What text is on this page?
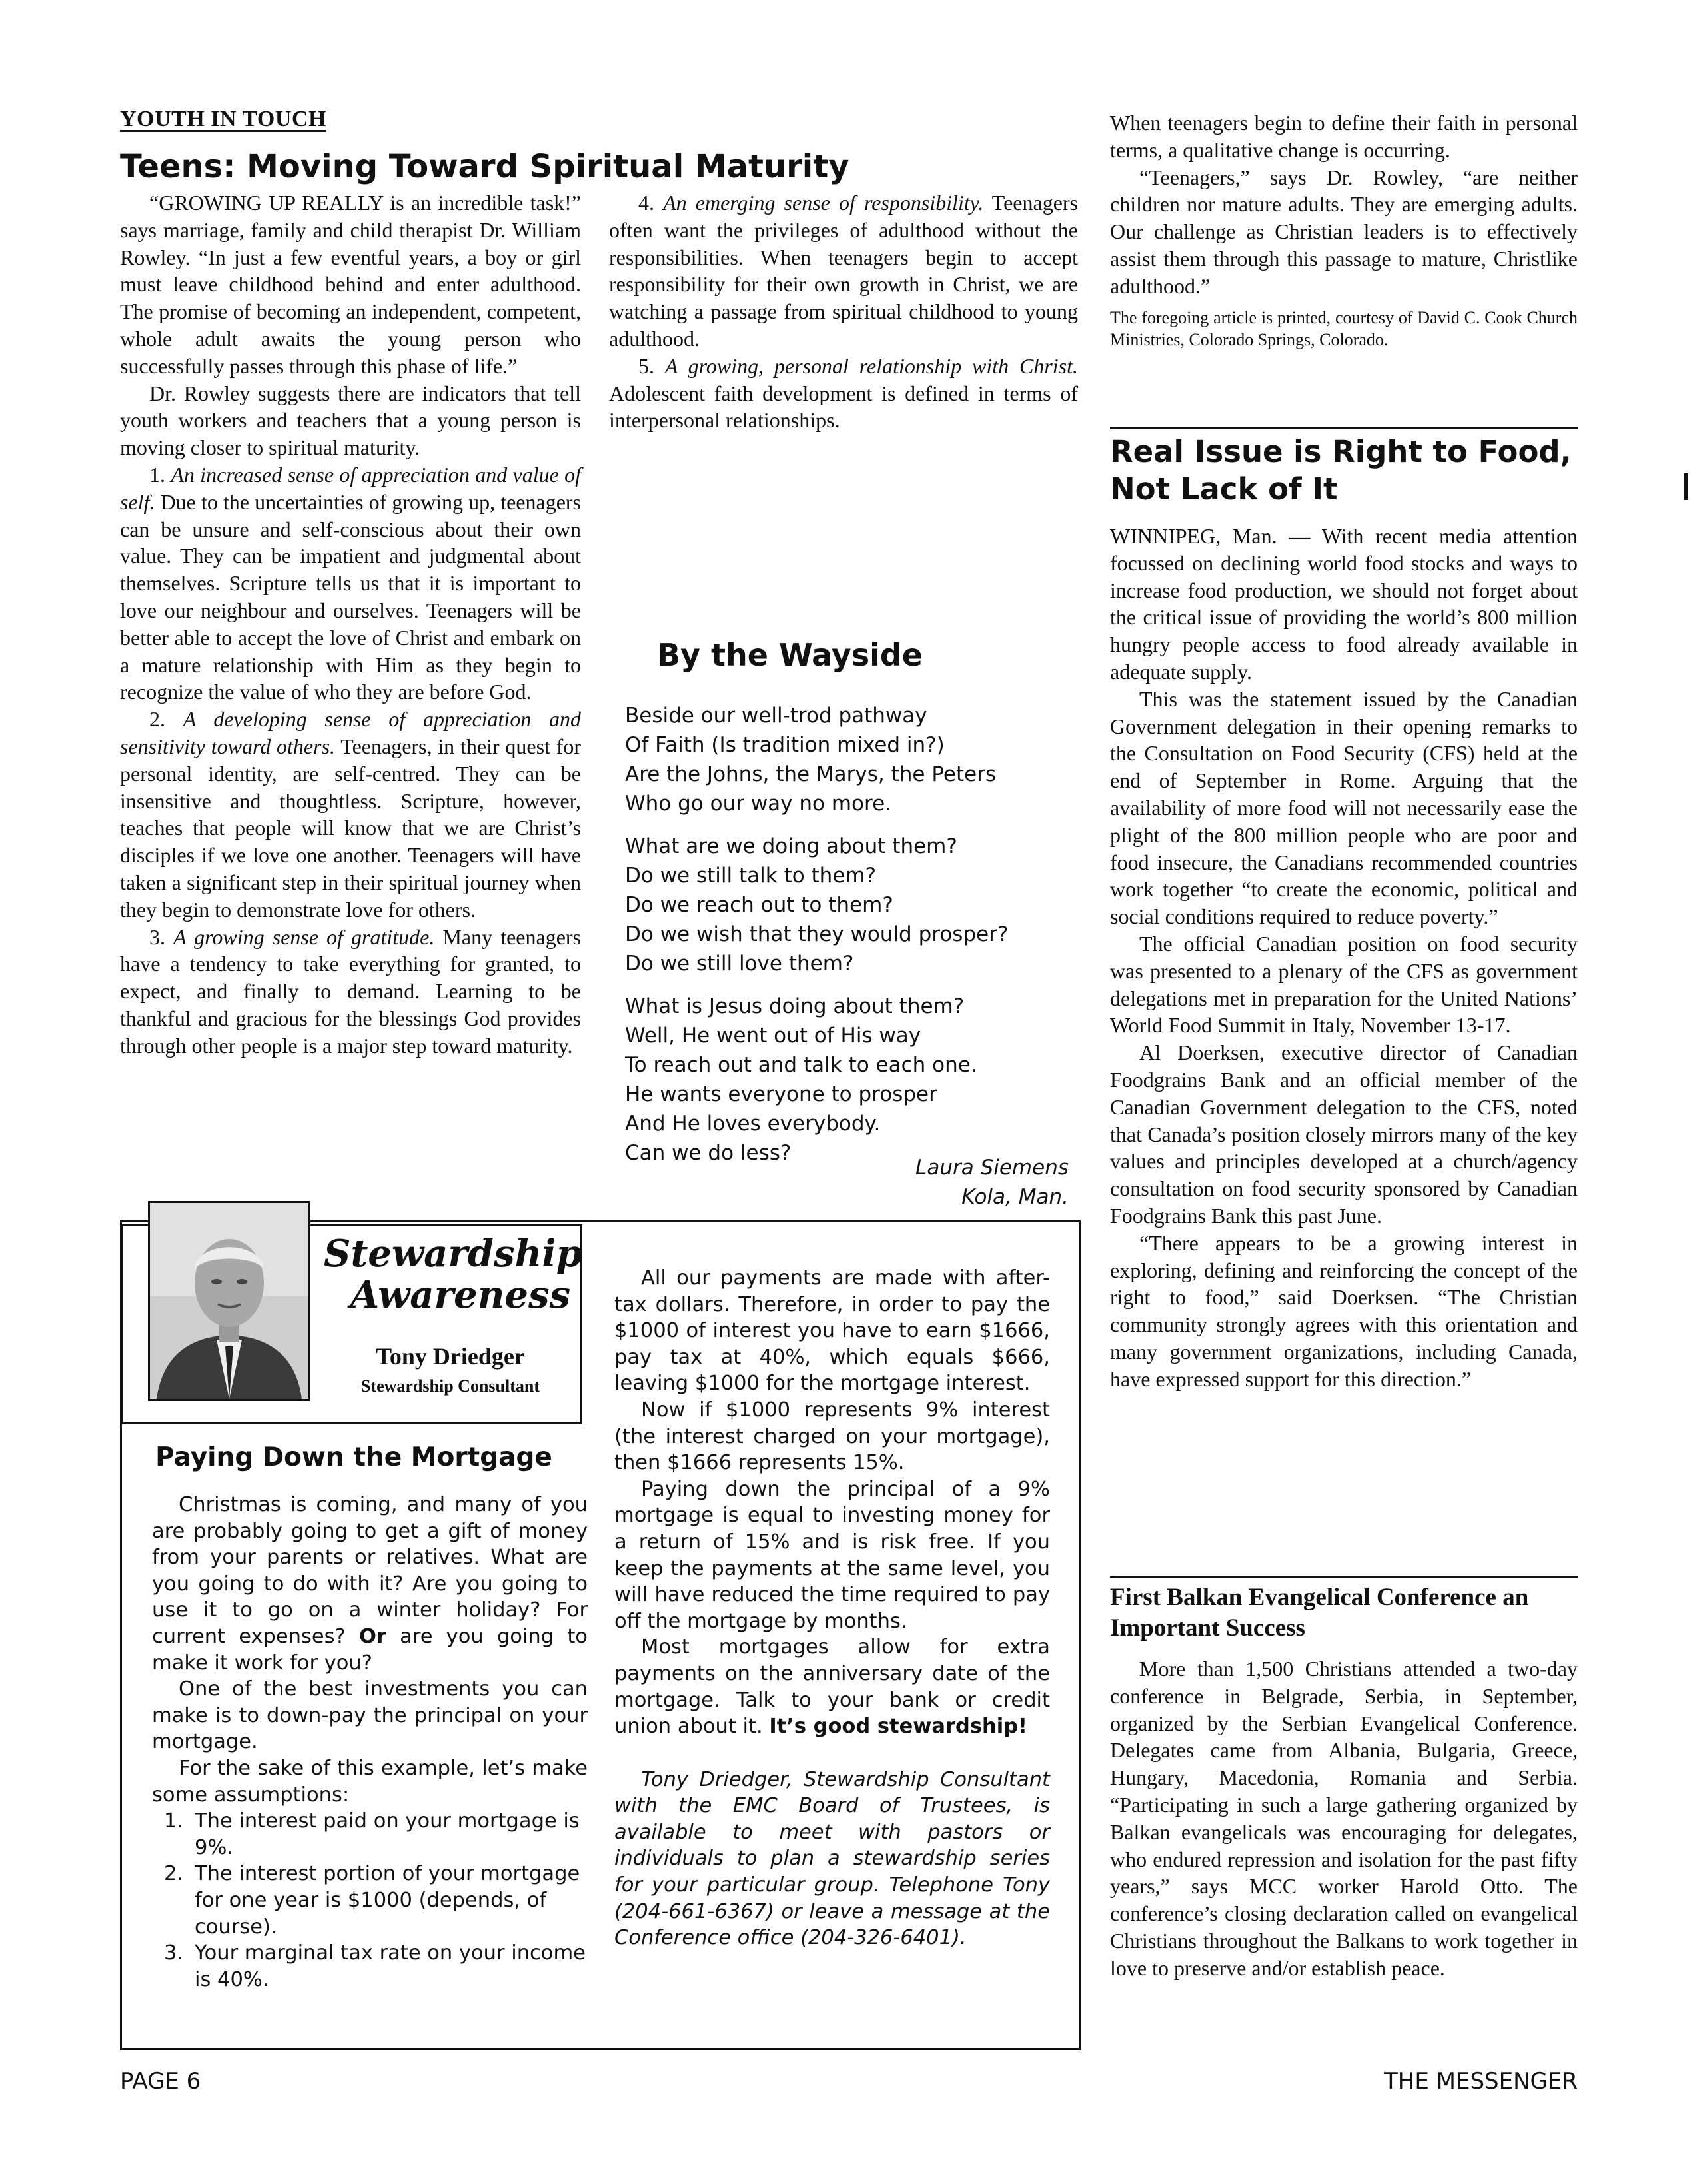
YOUTH IN TOUCH
Teens: Moving Toward Spiritual Maturity

“GROWING UP REALLY is an incredible task!” says marriage, family and child therapist Dr. William Rowley. “In just a few eventful years, a boy or girl must leave childhood behind and enter adulthood. The promise of becoming an independent, competent, whole adult awaits the young person who successfully passes through this phase of life.”

Dr. Rowley suggests there are indicators that tell youth workers and teachers that a young person is moving closer to spiritual maturity.

1. An increased sense of appreciation and value of self. Due to the uncertainties of growing up, teenagers can be unsure and self-conscious about their own value. They can be impatient and judgmental about themselves. Scripture tells us that it is important to love our neighbour and ourselves. Teenagers will be better able to accept the love of Christ and embark on a mature relationship with Him as they begin to recognize the value of who they are before God.

2. A developing sense of appreciation and sensitivity toward others. Teenagers, in their quest for personal identity, are self-centred. They can be insensitive and thoughtless. Scripture, however, teaches that people will know that we are Christ’s disciples if we love one another. Teenagers will have taken a significant step in their spiritual journey when they begin to demonstrate love for others.

3. A growing sense of gratitude. Many teenagers have a tendency to take everything for granted, to expect, and finally to demand. Learning to be thankful and gracious for the blessings God provides through other people is a major step toward maturity.

4. An emerging sense of responsibility. Teenagers often want the privileges of adulthood without the responsibilities. When teenagers begin to accept responsibility for their own growth in Christ, we are watching a passage from spiritual childhood to young adulthood.

5. A growing, personal relationship with Christ. Adolescent faith development is defined in terms of interpersonal relationships.

By the Wayside
Beside our well-trod pathway
Of Faith (Is tradition mixed in?)
Are the Johns, the Marys, the Peters
Who go our way no more.
What are we doing about them?
Do we still talk to them?
Do we reach out to them?
Do we wish that they would prosper?
Do we still love them?
What is Jesus doing about them?
Well, He went out of His way
To reach out and talk to each one.
He wants everyone to prosper
And He loves everybody.
Can we do less?
Laura Siemens
Kola, Man.

When teenagers begin to define their faith in personal terms, a qualitative change is occurring.

“Teenagers,” says Dr. Rowley, “are neither children nor mature adults. They are emerging adults. Our challenge as Christian leaders is to effectively assist them through this passage to mature, Christlike adulthood.”

The foregoing article is printed, courtesy of David C. Cook Church Ministries, Colorado Springs, Colorado.

Real Issue is Right to Food, Not Lack of It

WINNIPEG, Man. — With recent media attention focussed on declining world food stocks and ways to increase food production, we should not forget about the critical issue of providing the world’s 800 million hungry people access to food already available in adequate supply.

This was the statement issued by the Canadian Government delegation in their opening remarks to the Consultation on Food Security (CFS) held at the end of September in Rome. Arguing that the availability of more food will not necessarily ease the plight of the 800 million people who are poor and food insecure, the Canadians recommended countries work together “to create the economic, political and social conditions required to reduce poverty.”

The official Canadian position on food security was presented to a plenary of the CFS as government delegations met in preparation for the United Nations’ World Food Summit in Italy, November 13-17.

Al Doerksen, executive director of Canadian Foodgrains Bank and an official member of the Canadian Government delegation to the CFS, noted that Canada’s position closely mirrors many of the key values and principles developed at a church/agency consultation on food security sponsored by Canadian Foodgrains Bank this past June.

“There appears to be a growing interest in exploring, defining and reinforcing the concept of the right to food,” said Doerksen. “The Christian community strongly agrees with this orientation and many government organizations, including Canada, have expressed support for this direction.”

First Balkan Evangelical Conference an Important Success

More than 1,500 Christians attended a two-day conference in Belgrade, Serbia, in September, organized by the Serbian Evangelical Conference. Delegates came from Albania, Bulgaria, Greece, Hungary, Macedonia, Romania and Serbia. “Participating in such a large gathering organized by Balkan evangelicals was encouraging for delegates, who endured repression and isolation for the past fifty years,” says MCC worker Harold Otto. The conference’s closing declaration called on evangelical Christians throughout the Balkans to work together in love to preserve and/or establish peace.

Stewardship
Awareness
Tony Driedger
Stewardship Consultant
Paying Down the Mortgage

Christmas is coming, and many of you are probably going to get a gift of money from your parents or relatives. What are you going to do with it? Are you going to use it to go on a winter holiday? For current expenses? Or are you going to make it work for you?

One of the best investments you can make is to down-pay the principal on your mortgage.

For the sake of this example, let’s make some assumptions:

1. The interest paid on your mortgage is 9%.
2. The interest portion of your mortgage for one year is $1000 (depends, of course).
3. Your marginal tax rate on your income is 40%.

All our payments are made with after-tax dollars. Therefore, in order to pay the $1000 of interest you have to earn $1666, pay tax at 40%, which equals $666, leaving $1000 for the mortgage interest.

Now if $1000 represents 9% interest (the interest charged on your mortgage), then $1666 represents 15%.

Paying down the principal of a 9% mortgage is equal to investing money for a return of 15% and is risk free. If you keep the payments at the same level, you will have reduced the time required to pay off the mortgage by months.

Most mortgages allow for extra payments on the anniversary date of the mortgage. Talk to your bank or credit union about it. It’s good stewardship!

Tony Driedger, Stewardship Consultant with the EMC Board of Trustees, is available to meet with pastors or individuals to plan a stewardship series for your particular group. Telephone Tony (204-661-6367) or leave a message at the Conference office (204-326-6401).

PAGE 6	THE MESSENGER
